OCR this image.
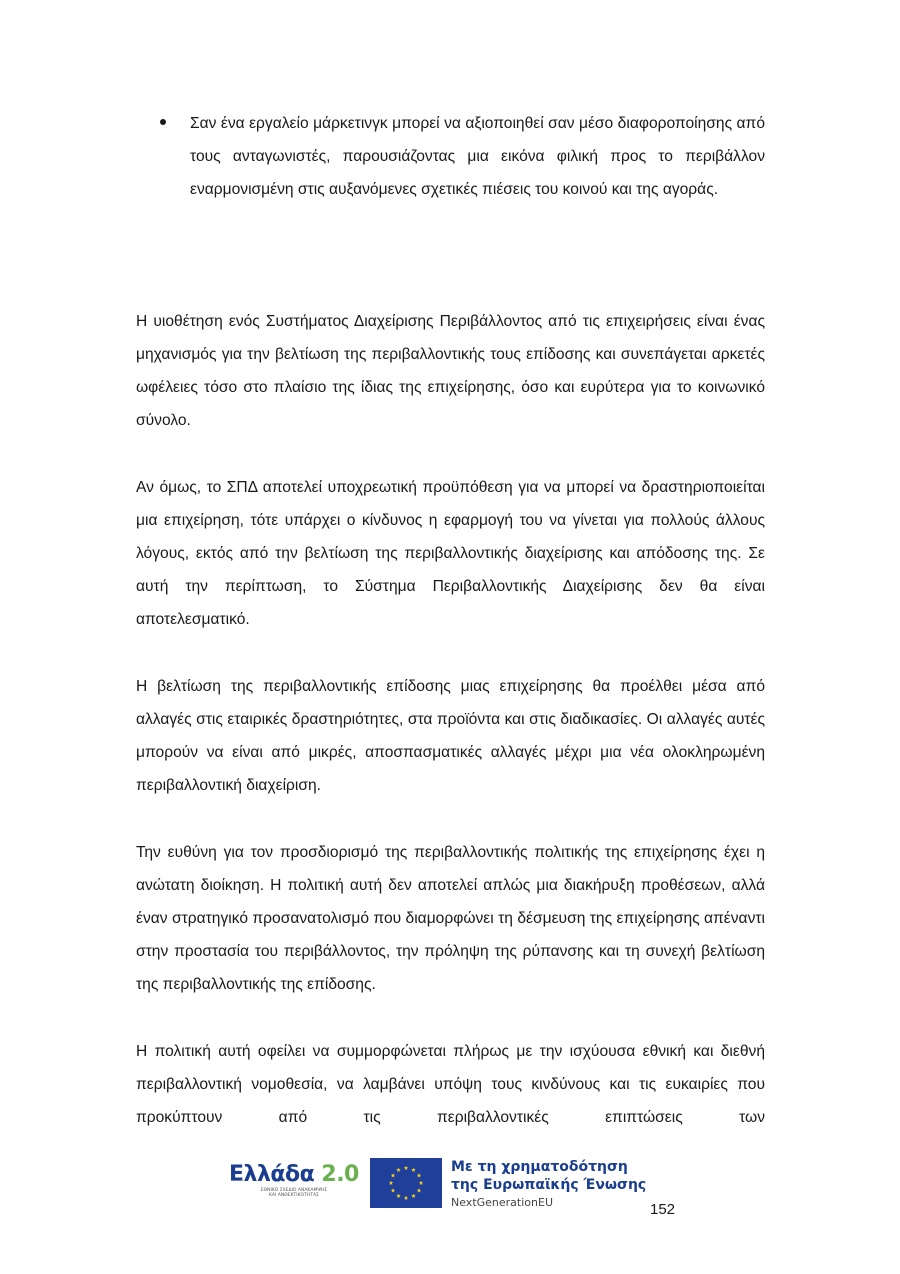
Σαν ένα εργαλείο μάρκετινγκ μπορεί να αξιοποιηθεί σαν μέσο διαφοροποίησης από τους ανταγωνιστές, παρουσιάζοντας μια εικόνα φιλική προς το περιβάλλον εναρμονισμένη στις αυξανόμενες σχετικές πιέσεις του κοινού και της αγοράς.

Η υιοθέτηση ενός Συστήματος Διαχείρισης Περιβάλλοντος από τις επιχειρήσεις είναι ένας μηχανισμός για την βελτίωση της περιβαλλοντικής τους επίδοσης και συνεπάγεται αρκετές ωφέλειες τόσο στο πλαίσιο της ίδιας της επιχείρησης, όσο και ευρύτερα για το κοινωνικό σύνολο.

Αν όμως, το ΣΠΔ αποτελεί υποχρεωτική προϋπόθεση για να μπορεί να δραστηριοποιείται μια επιχείρηση, τότε υπάρχει ο κίνδυνος η εφαρμογή του να γίνεται για πολλούς άλλους λόγους, εκτός από την βελτίωση της περιβαλλοντικής διαχείρισης και απόδοσης της. Σε αυτή την περίπτωση, το Σύστημα Περιβαλλοντικής Διαχείρισης δεν θα είναι αποτελεσματικό.

Η βελτίωση της περιβαλλοντικής επίδοσης μιας επιχείρησης θα προέλθει μέσα από αλλαγές στις εταιρικές δραστηριότητες, στα προϊόντα και στις διαδικασίες. Οι αλλαγές αυτές μπορούν να είναι από μικρές, αποσπασματικές αλλαγές μέχρι μια νέα ολοκληρωμένη περιβαλλοντική διαχείριση.

Την ευθύνη για τον προσδιορισμό της περιβαλλοντικής πολιτικής της επιχείρησης έχει η ανώτατη διοίκηση. Η πολιτική αυτή δεν αποτελεί απλώς μια διακήρυξη προθέσεων, αλλά έναν στρατηγικό προσανατολισμό που διαμορφώνει τη δέσμευση της επιχείρησης απέναντι στην προστασία του περιβάλλοντος, την πρόληψη της ρύπανσης και τη συνεχή βελτίωση της περιβαλλοντικής της επίδοσης.

Η πολιτική αυτή οφείλει να συμμορφώνεται πλήρως με την ισχύουσα εθνική και διεθνή περιβαλλοντική νομοθεσία, να λαμβάνει υπόψη τους κινδύνους και τις ευκαιρίες που προκύπτουν από τις περιβαλλοντικές επιπτώσεις των

Ελλάδα 2.0
ΕΘΝΙΚΟ ΣΧΕΔΙΟ ΑΝΑΚΑΜΨΗΣ
ΚΑΙ ΑΝΘΕΚΤΙΚΟΤΗΤΑΣ
Με τη χρηματοδότηση
της Ευρωπαϊκής Ένωσης
NextGenerationEU	152
